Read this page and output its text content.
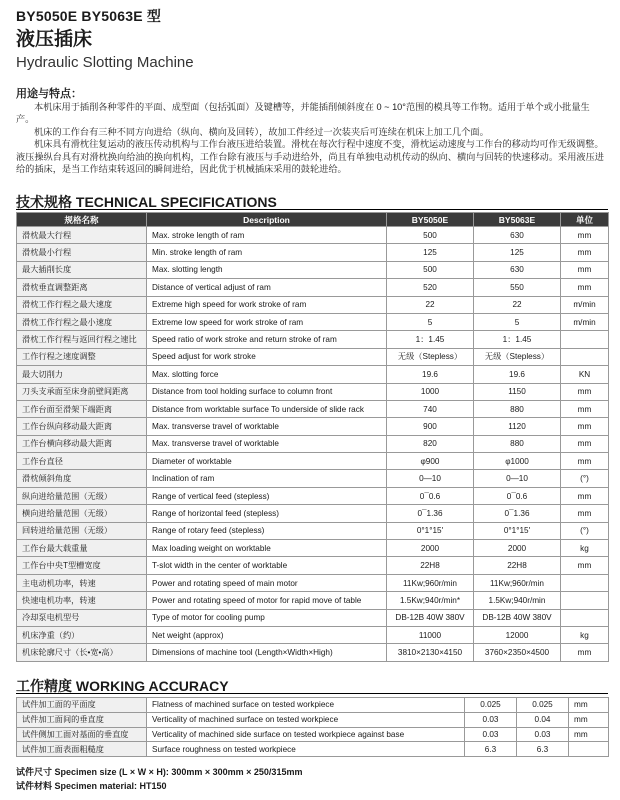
BY5050E BY5063E 型
液压插床
Hydraulic Slotting Machine
用途与特点：

本机床用于插削各种零件的平面、成型面（包括弧面）及键槽等，并能插削倾斜度在 0 ~ 10°范围的模具等工作物。适用于单个或小批量生产。

机床的工作台有三种不同方向进给（纵向、横向及回转），故加工件经过一次装夹后可连续在机床上加工几个面。

机床具有滑枕往复运动的液压传动机构与工作台液压进给装置。滑枕在每次行程中速度不变，滑枕运动速度与工作台的移动均可作无级调整。液压操纵台具有对滑枕换向给油的换向机构，工作台除有液压与手动进给外，尚且有单独电动机传动的纵向、横向与回转的快速移动。采用液压进给的插床，是当工作结束转返回的瞬间进给，因此优于机械插床采用的鼓轮进给。

技术规格 TECHNICAL SPECIFICATIONS
规格名称	Description	BY5050E	BY5063E	单位
滑枕最大行程	Max. stroke length of ram	500	630	mm
滑枕最小行程	Min. stroke length of ram	125	125	mm
最大插削长度	Max. slotting length	500	630	mm
滑枕垂直调整距离	Distance of vertical adjust of ram	520	550	mm
滑枕工作行程之最大速度	Extreme high speed for work stroke of ram	22	22	m/min
滑枕工作行程之最小速度	Extreme low speed for work stroke of ram	5	5	m/min
滑枕工作行程与返回行程之速比	Speed ratio of work stroke and return stroke of ram	1：1.45	1：1.45	
工作行程之速度调整	Speed adjust for work stroke	无级（Stepless）	无级（Stepless）	
最大切削力	Max. slotting force	19.6	19.6	KN
刀头支承面至床身前壁间距离	Distance from tool holding surface to column front	1000	1150	mm
工作台面至滑架下端距离	Distance from worktable surface To underside of slide rack	740	880	mm
工作台纵向移动最大距离	Max. transverse travel of worktable	900	1120	mm
工作台横向移动最大距离	Max. transverse travel of worktable	820	880	mm
工作台直径	Diameter of worktable	φ900	φ1000	mm
滑枕倾斜角度	Inclination of ram	0—10	0—10	(°)
纵向进给量范围（无级）	Range of vertical feed (stepless)	0¯0.6	0¯0.6	mm
横向进给量范围（无级）	Range of horizontal feed (stepless)	0¯1.36	0¯1.36	mm
回转进给量范围（无级）	Range of rotary feed (stepless)	0°1°15'	0°1°15'	(°)
工作台最大载重量	Max loading weight on worktable	2000	2000	kg
工作台中央T型槽宽度	T-slot width in the center of worktable	22H8	22H8	mm
主电动机功率，转速	Power and rotating speed of main motor	11Kw;960r/min	11Kw;960r/min	
快速电机功率，转速	Power and rotating speed of motor for rapid move of table	1.5Kw;940r/min*	1.5Kw;940r/min	
冷却泵电机型号	Type of motor for cooling pump	DB-12B 40W 380V	DB-12B 40W 380V	
机床净重（约）	Net weight (approx)	11000	12000	kg
机床轮廓尺寸（长•宽•高）	Dimensions of machine tool (Length×Width×High)	3810×2130×4150	3760×2350×4500	mm
工作精度 WORKING ACCURACY
试件加工面的平面度	Flatness of machined surface on tested workpiece	0.025	0.025	mm
试件加工面间的垂直度	Verticality of machined surface on tested workpiece	0.03	0.04	mm
试件侧加工面对基面的垂直度	Verticality of machined side surface on tested workpiece against base	0.03	0.03	mm
试件加工面表面粗糙度	Surface roughness on tested workpiece	6.3	6.3	
试件尺寸 Specimen size (L × W × H): 300mm × 300mm × 250/315mm
试件材料 Specimen material: HT150
